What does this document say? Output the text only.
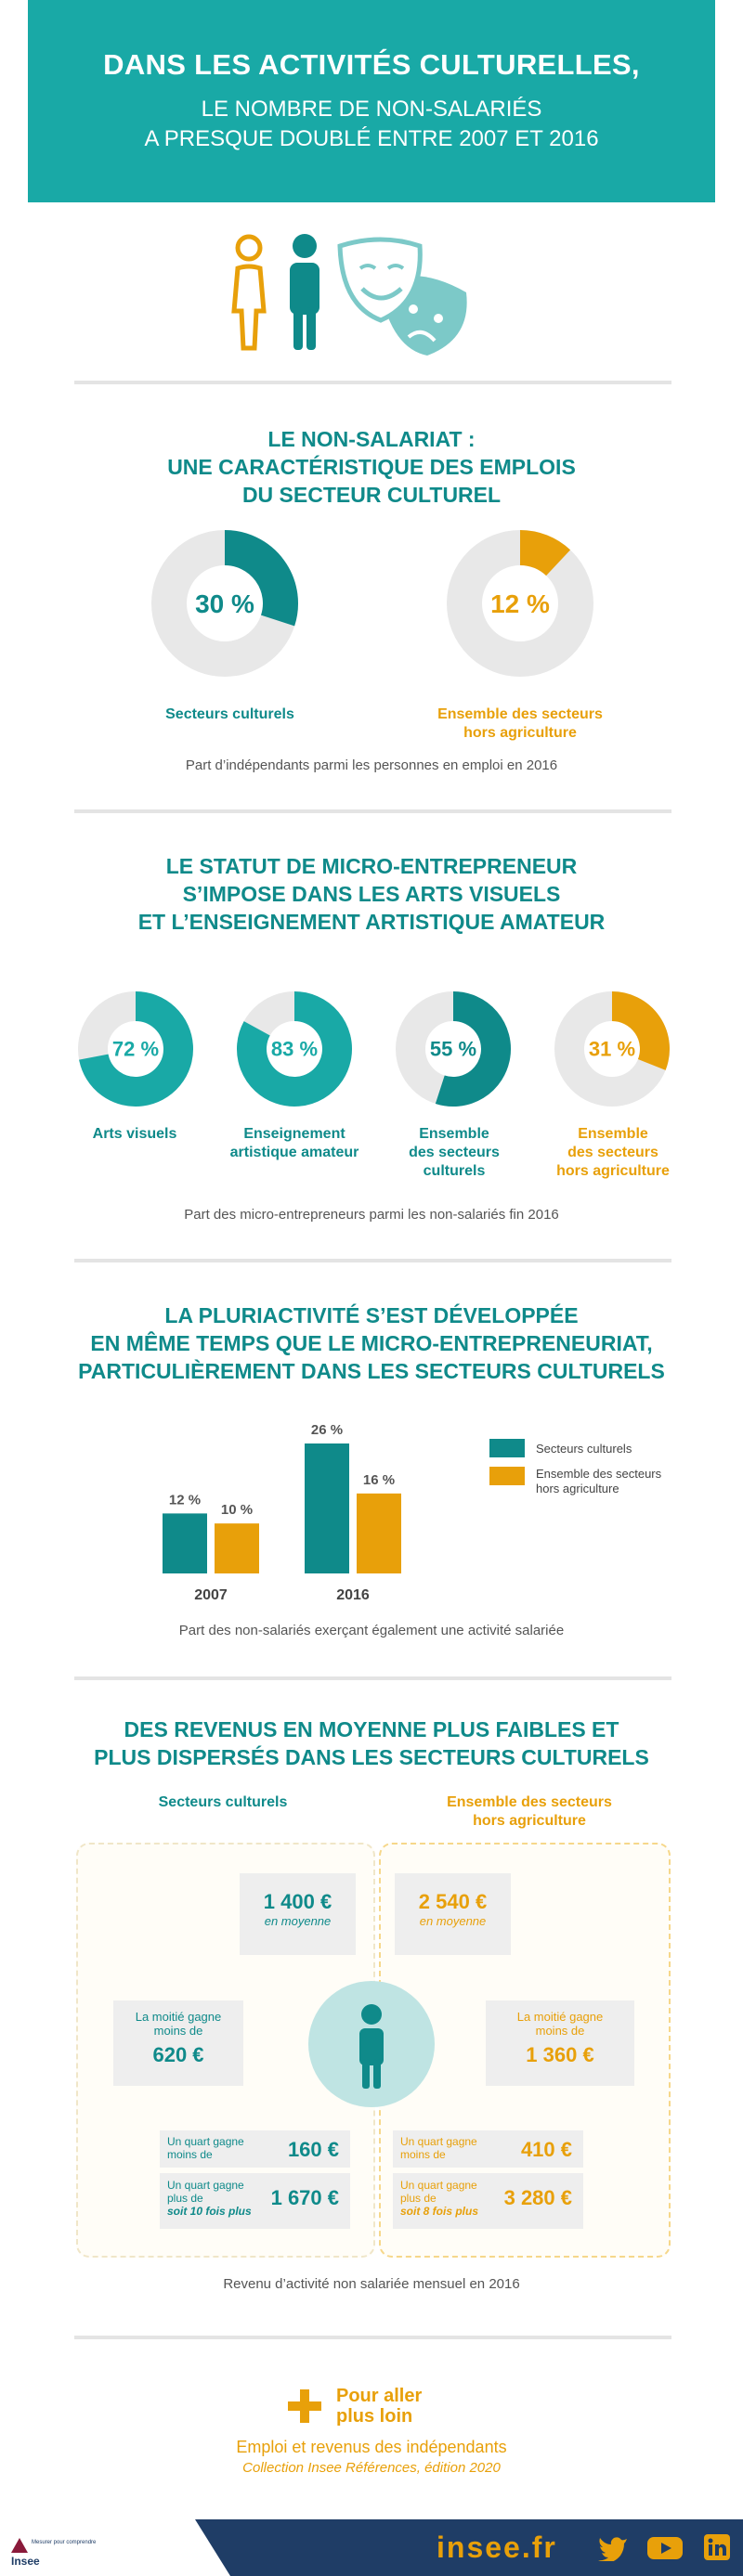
DANS LES ACTIVITÉS CULTURELLES,
LE NOMBRE DE NON-SALARIÉS
A PRESQUE DOUBLÉ ENTRE 2007 ET 2016
LE NON-SALARIAT :
UNE CARACTÉRISTIQUE DES EMPLOIS
DU SECTEUR CULTUREL
30 %	12 %
Secteurs culturels	Ensemble des secteurs
hors agriculture
Part d’indépendants parmi les personnes en emploi en 2016
LE STATUT DE MICRO-ENTREPRENEUR
S’IMPOSE DANS LES ARTS VISUELS
ET L’ENSEIGNEMENT ARTISTIQUE AMATEUR
72 %	83 %	55 %	31 %
Arts visuels	Enseignement
artistique amateur
Ensemble
des secteurs
culturels
Ensemble
des secteurs
hors agriculture
Part des micro-entrepreneurs parmi les non-salariés fin 2016
LA PLURIACTIVITÉ S’EST DÉVELOPPÉE
EN MÊME TEMPS QUE LE MICRO-ENTREPRENEURIAT,
PARTICULIÈREMENT DANS LES SECTEURS CULTURELS
12 %
10 %
2007
26 %
16 %
2016
Secteurs culturels
Ensemble des secteurs
hors agriculture
Part des non-salariés exerçant également une activité salariée
DES REVENUS EN MOYENNE PLUS FAIBLES ET
PLUS DISPERSÉS DANS LES SECTEURS CULTURELS
Secteurs culturels	Ensemble des secteurs
hors agriculture
1 400 €
en moyenne
2 540 €
en moyenne
La moitié gagne
moins de
620 €
La moitié gagne
moins de
1 360 €
Un quart gagne
moins de	160 €
Un quart gagne
plus de
soit 10 fois plus
1 670 €
Un quart gagne
moins de	410 €
Un quart gagne
plus de
soit 8 fois plus
3 280 €
Revenu d’activité non salariée mensuel en 2016
Pour aller
plus loin
Emploi et revenus des indépendants
Collection Insee Références, édition 2020
Insee
Mesurer pour comprendre	insee.fr
